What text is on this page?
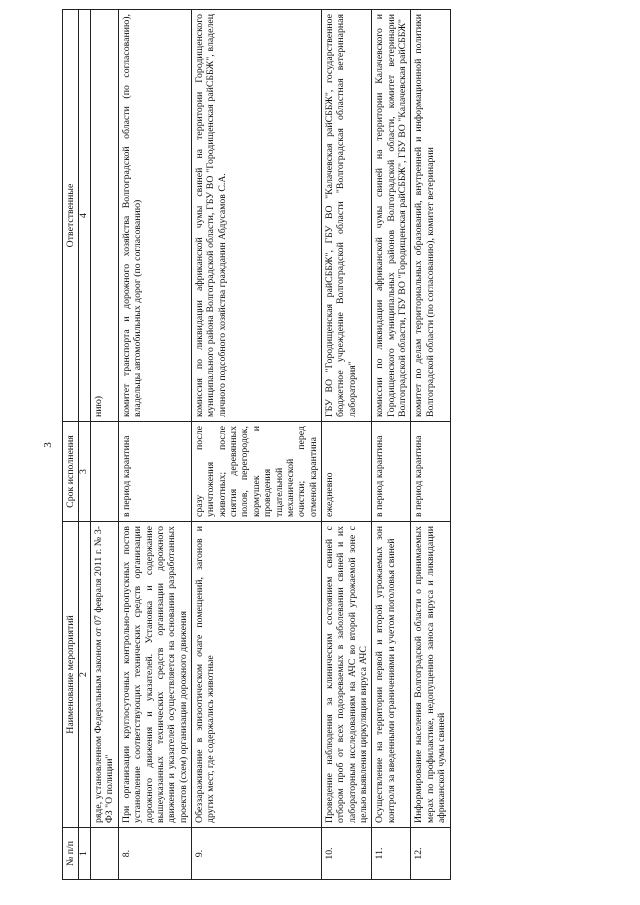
3
№ п/п	Наименование мероприятий	Срок исполнения	Ответственные
1	2	3	4
	ряде, установленном Федеральным законом от 07 февраля 2011 г. № 3-ФЗ "О полиции"		нию)
8.	При организации круглосуточных контрольно-пропускных постов установление соответствующих технических средств организации дорожного движения и указателей. Установка и содержание вышеуказанных технических средств организации дорожного движения и указателей осуществляется на основании разработанных проектов (схем) организации дорожного движения	в период карантина	комитет транспорта и дорожного хозяйства Волгоградской области (по согласованию), владельцы автомобильных дорог (по согласованию)
9.	Обеззараживание в эпизоотическом очаге помещений, загонов и других мест, где содержались животные	сразу после уничтожения животных; после снятия деревянных полов, перегородок, кормушек и проведения тщательной механической очистки; перед отменой карантина	комиссия по ликвидации африканской чумы свиней на территории Городищенского муниципального района Волгоградской области, ГБУ ВО "Городищенская райСББЖ", владелец личного подсобного хозяйства гражданин Абдусамов С.А.
10.	Проведение наблюдения за клиническим состоянием свиней с отбором проб от всех подозреваемых в заболевании свиней и их лабораторным исследованиям на АЧС во второй угрожаемой зоне с целью выявления циркуляции вируса АЧС	ежедневно	ГБУ ВО "Городищенская райСББЖ", ГБУ ВО "Калачевская райСББЖ", государственное бюджетное учреждение Волгоградской области "Волгоградская областная ветеринарная лаборатория"
11.	Осуществление на территории первой и второй угрожаемых зон контроля за введенными ограничениями и учетом поголовья свиней	в период карантина	комиссии по ликвидации африканской чумы свиней на территории Калачевского и Городищенского муниципальных районов Волгоградской области, комитет ветеринарии Волгоградской области, ГБУ ВО "Городищенская райСББЖ", ГБУ ВО "Калачевская райСББЖ"
12.	Информирование населения Волгоградской области о принимаемых мерах по профилактике, недопущению заноса вируса и ликвидации африканской чумы свиней	в период карантина	комитет по делам территориальных образований, внутренней и информационной политики Волгоградской области (по согласованию), комитет ветеринарии
